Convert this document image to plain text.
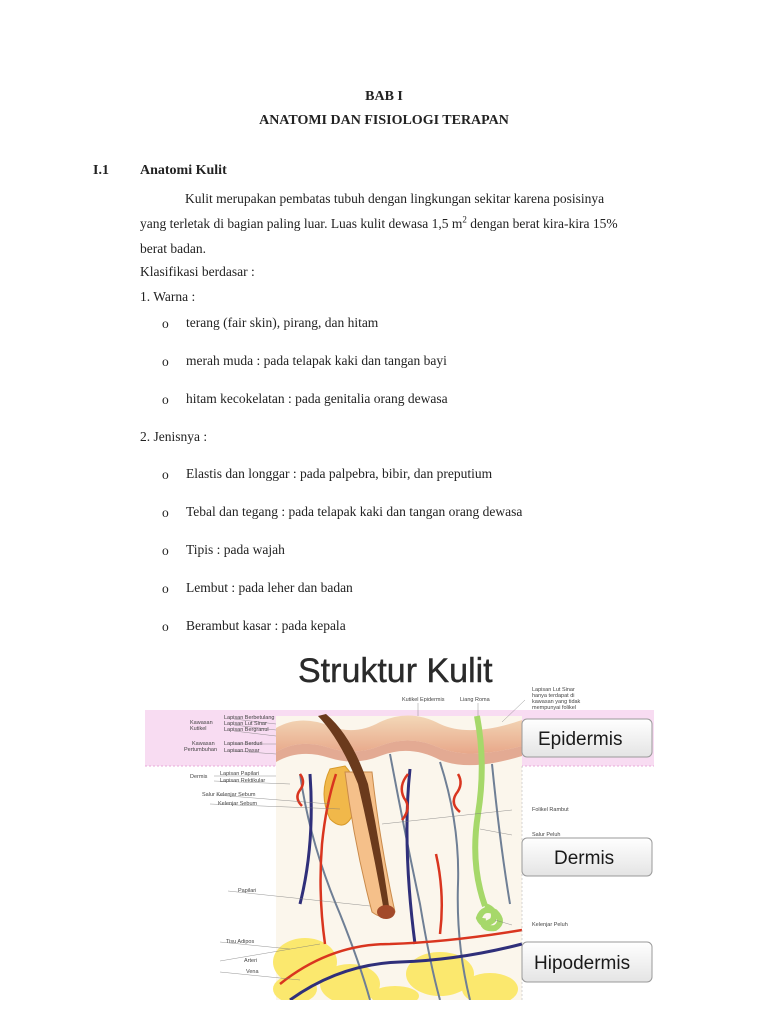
BAB I

ANATOMI DAN FISIOLOGI TERAPAN

I.1 Anatomi Kulit

Kulit merupakan pembatas tubuh dengan lingkungan sekitar karena posisinya
yang terletak di bagian paling luar. Luas kulit dewasa 1,5 $m^2$ dengan berat kira-kira 15%
berat badan.

Klasifikasi berdasar :

1. Warna :

o terang (fair skin), pirang, dan hitam

o merah muda : pada telapak kaki dan tangan bayi

o hitam kecokelatan : pada genitalia orang dewasa

2. Jenisnya :

o Elastis dan longgar : pada palpebra, bibir, dan preputium

o Tebal dan tegang : pada telapak kaki dan tangan orang dewasa

o Tipis : pada wajah

o Lembut : pada leher dan badan

o Berambut kasar : pada kepala

Struktur Kulit
Kutikel Epidermis	Liang Roma
Lapisan Lut Sinar
hanya terdapat di
kawasan yang tidak
mempunyai folikel
Kawasan
Kutikel
Kawasan
Pertumbuhan
Lapisan Berbetulang
Lapisan Lut Sinar
Lapisan Bergranul
Lapisan Berduri
Lapisan Dasar
Dermis Lapisan Papilari
Lapisan Rektikular
Salur Kelenjar Sebum
Kelenjar Sebum
Papilari
Tisu Adipos
Arteri
Vena
Folikel Rambut
Salur Peluh
Kelenjar Peluh
Epidermis
Dermis
Hipodermis
